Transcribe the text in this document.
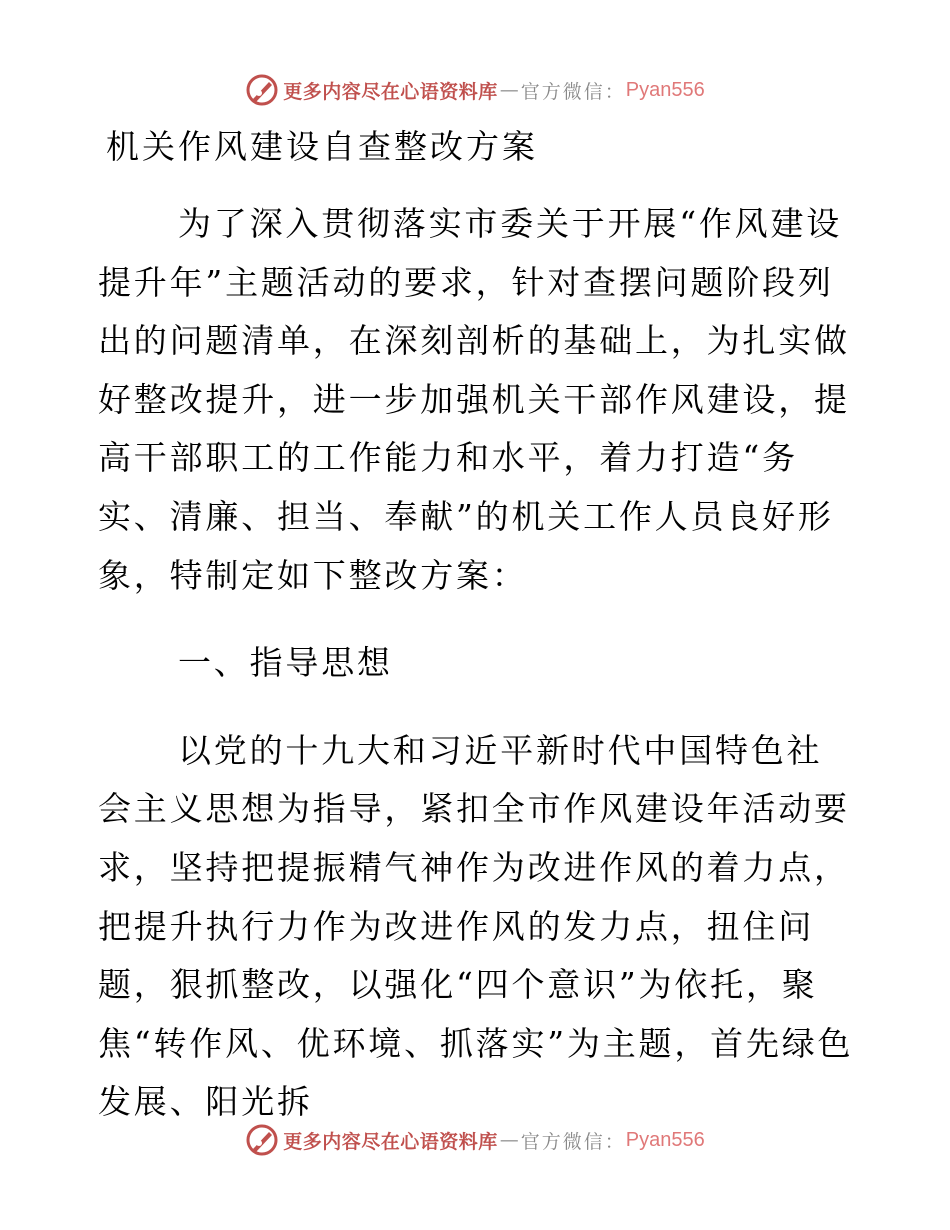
更多内容尽在心语资料库 — 官方微信： Pyan556
机关作风建设自查整改方案

为了深入贯彻落实市委关于开展“作风建设提升年”主题活动的要求，针对查摆问题阶段列出的问题清单，在深刻剖析的基础上，为扎实做好整改提升，进一步加强机关干部作风建设，提高干部职工的工作能力和水平，着力打造“务实、清廉、担当、奉献”的机关工作人员良好形象，特制定如下整改方案：

一、指导思想

以党的十九大和习近平新时代中国特色社会主义思想为指导，紧扣全市作风建设年活动要求，坚持把提振精气神作为改进作风的着力点，把提升执行力作为改进作风的发力点，扭住问题，狠抓整改，以强化“四个意识”为依托，聚焦“转作风、优环境、抓落实”为主题，首先绿色发展、阳光拆

更多内容尽在心语资料库 — 官方微信： Pyan556
